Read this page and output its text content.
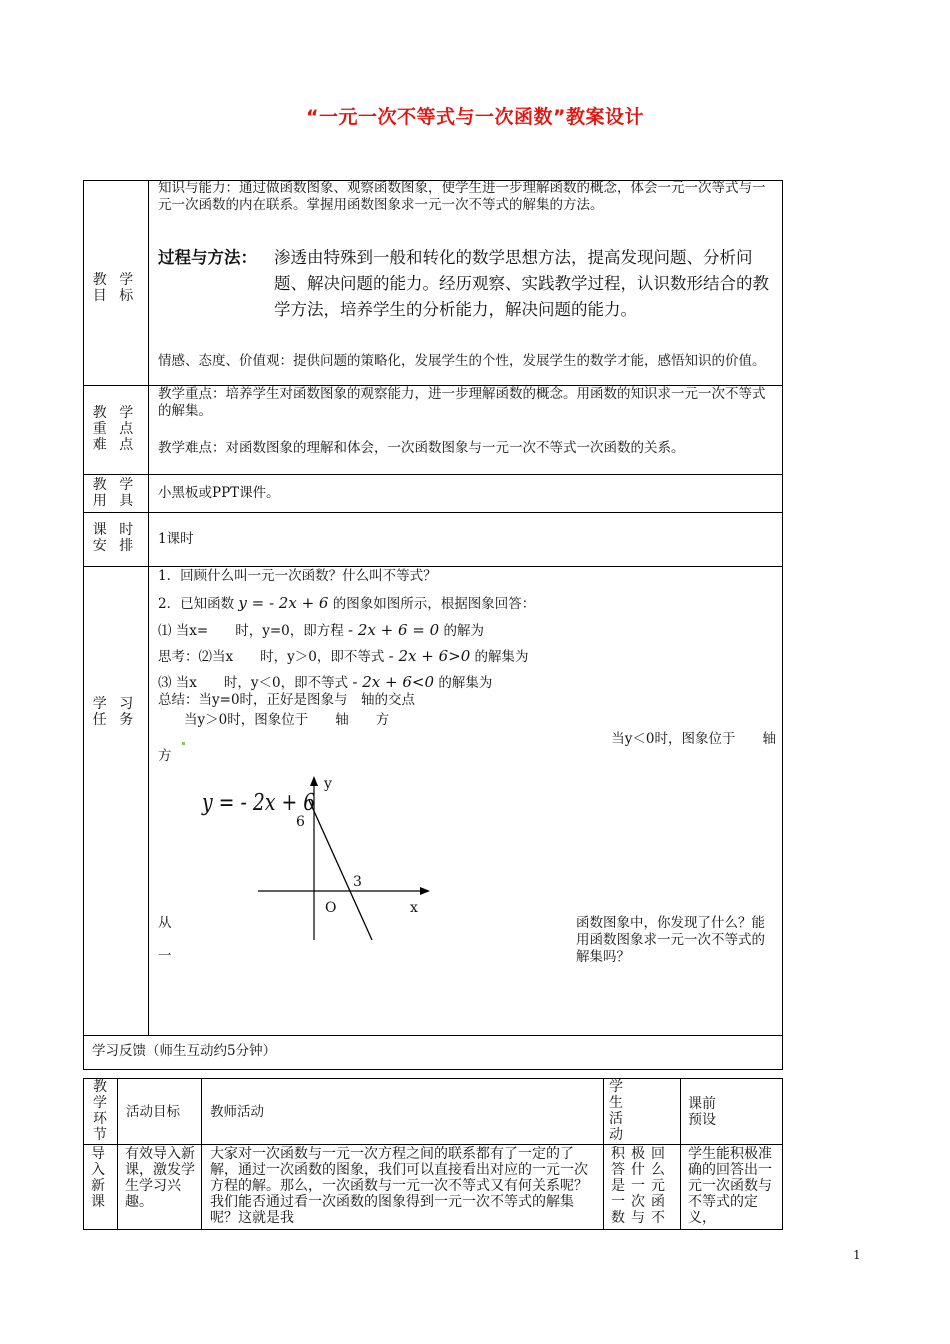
“一元一次不等式与一次函数”教案设计
教 学 目 标
教 学 重 点 难 点
教 学 用 具
课 时 安 排
学 习 任 务
知识与能力：通过做函数图象、观察函数图象，使学生进一步理解函数的概念，体会一元一次等式与一元一次函数的内在联系。掌握用函数图象求一元一次不等式的解集的方法。
过程与方法： 渗透由特殊到一般和转化的数学思想方法，提高发现问题、分析问题、解决问题的能力。经历观察、实践教学过程，认识数形结合的教学方法，培养学生的分析能力，解决问题的能力。
情感、态度、价值观：提供问题的策略化，发展学生的个性，发展学生的数学才能，感悟知识的价值。
教学重点：培养学生对函数图象的观察能力，进一步理解函数的概念。用函数的知识求一元一次不等式的解集。
教学难点：对函数图象的理解和体会，一次函数图象与一元一次不等式一次函数的关系。
小黑板或PPT课件。
1课时
1．回顾什么叫一元一次函数？什么叫不等式？
2．已知函数 y = - 2x + 6 的图象如图所示，根据图象回答：
⑴ 当x=　　时，y=0，即方程 - 2x + 6 = 0 的解为
思考：⑵当x　　时，y＞0，即不等式 - 2x + 6>0 的解集为
⑶ 当x　　时，y＜0，即不等式 - 2x + 6<0 的解集为
总结：当y=0时，正好是图象与　轴的交点
当y＞0时，图象位于　　轴　　方
当y＜0时，图象位于　　轴
方
y = - 2x + 6
y
6
3
O	x
从
一
函数图象中，你发现了什么？能用函数图象求一元一次不等式的解集吗？
学习反馈（师生互动约5分钟）
教学环节
活动目标 教师活动
学生活动
课前预设
导入新课
有效导入新课，激发学生学习兴趣。
大家对一次函数与一元一次方程之间的联系都有了一定的了解，通过一次函数的图象，我们可以直接看出对应的一元一次方程的解。那么，一次函数与一元一次不等式又有何关系呢？我们能否通过看一次函数的图象得到一元一次不等式的解集呢？这就是我
积极回答什么是一元一次函数与不
学生能积极准确的回答出一元一次函数与不等式的定义，
1
